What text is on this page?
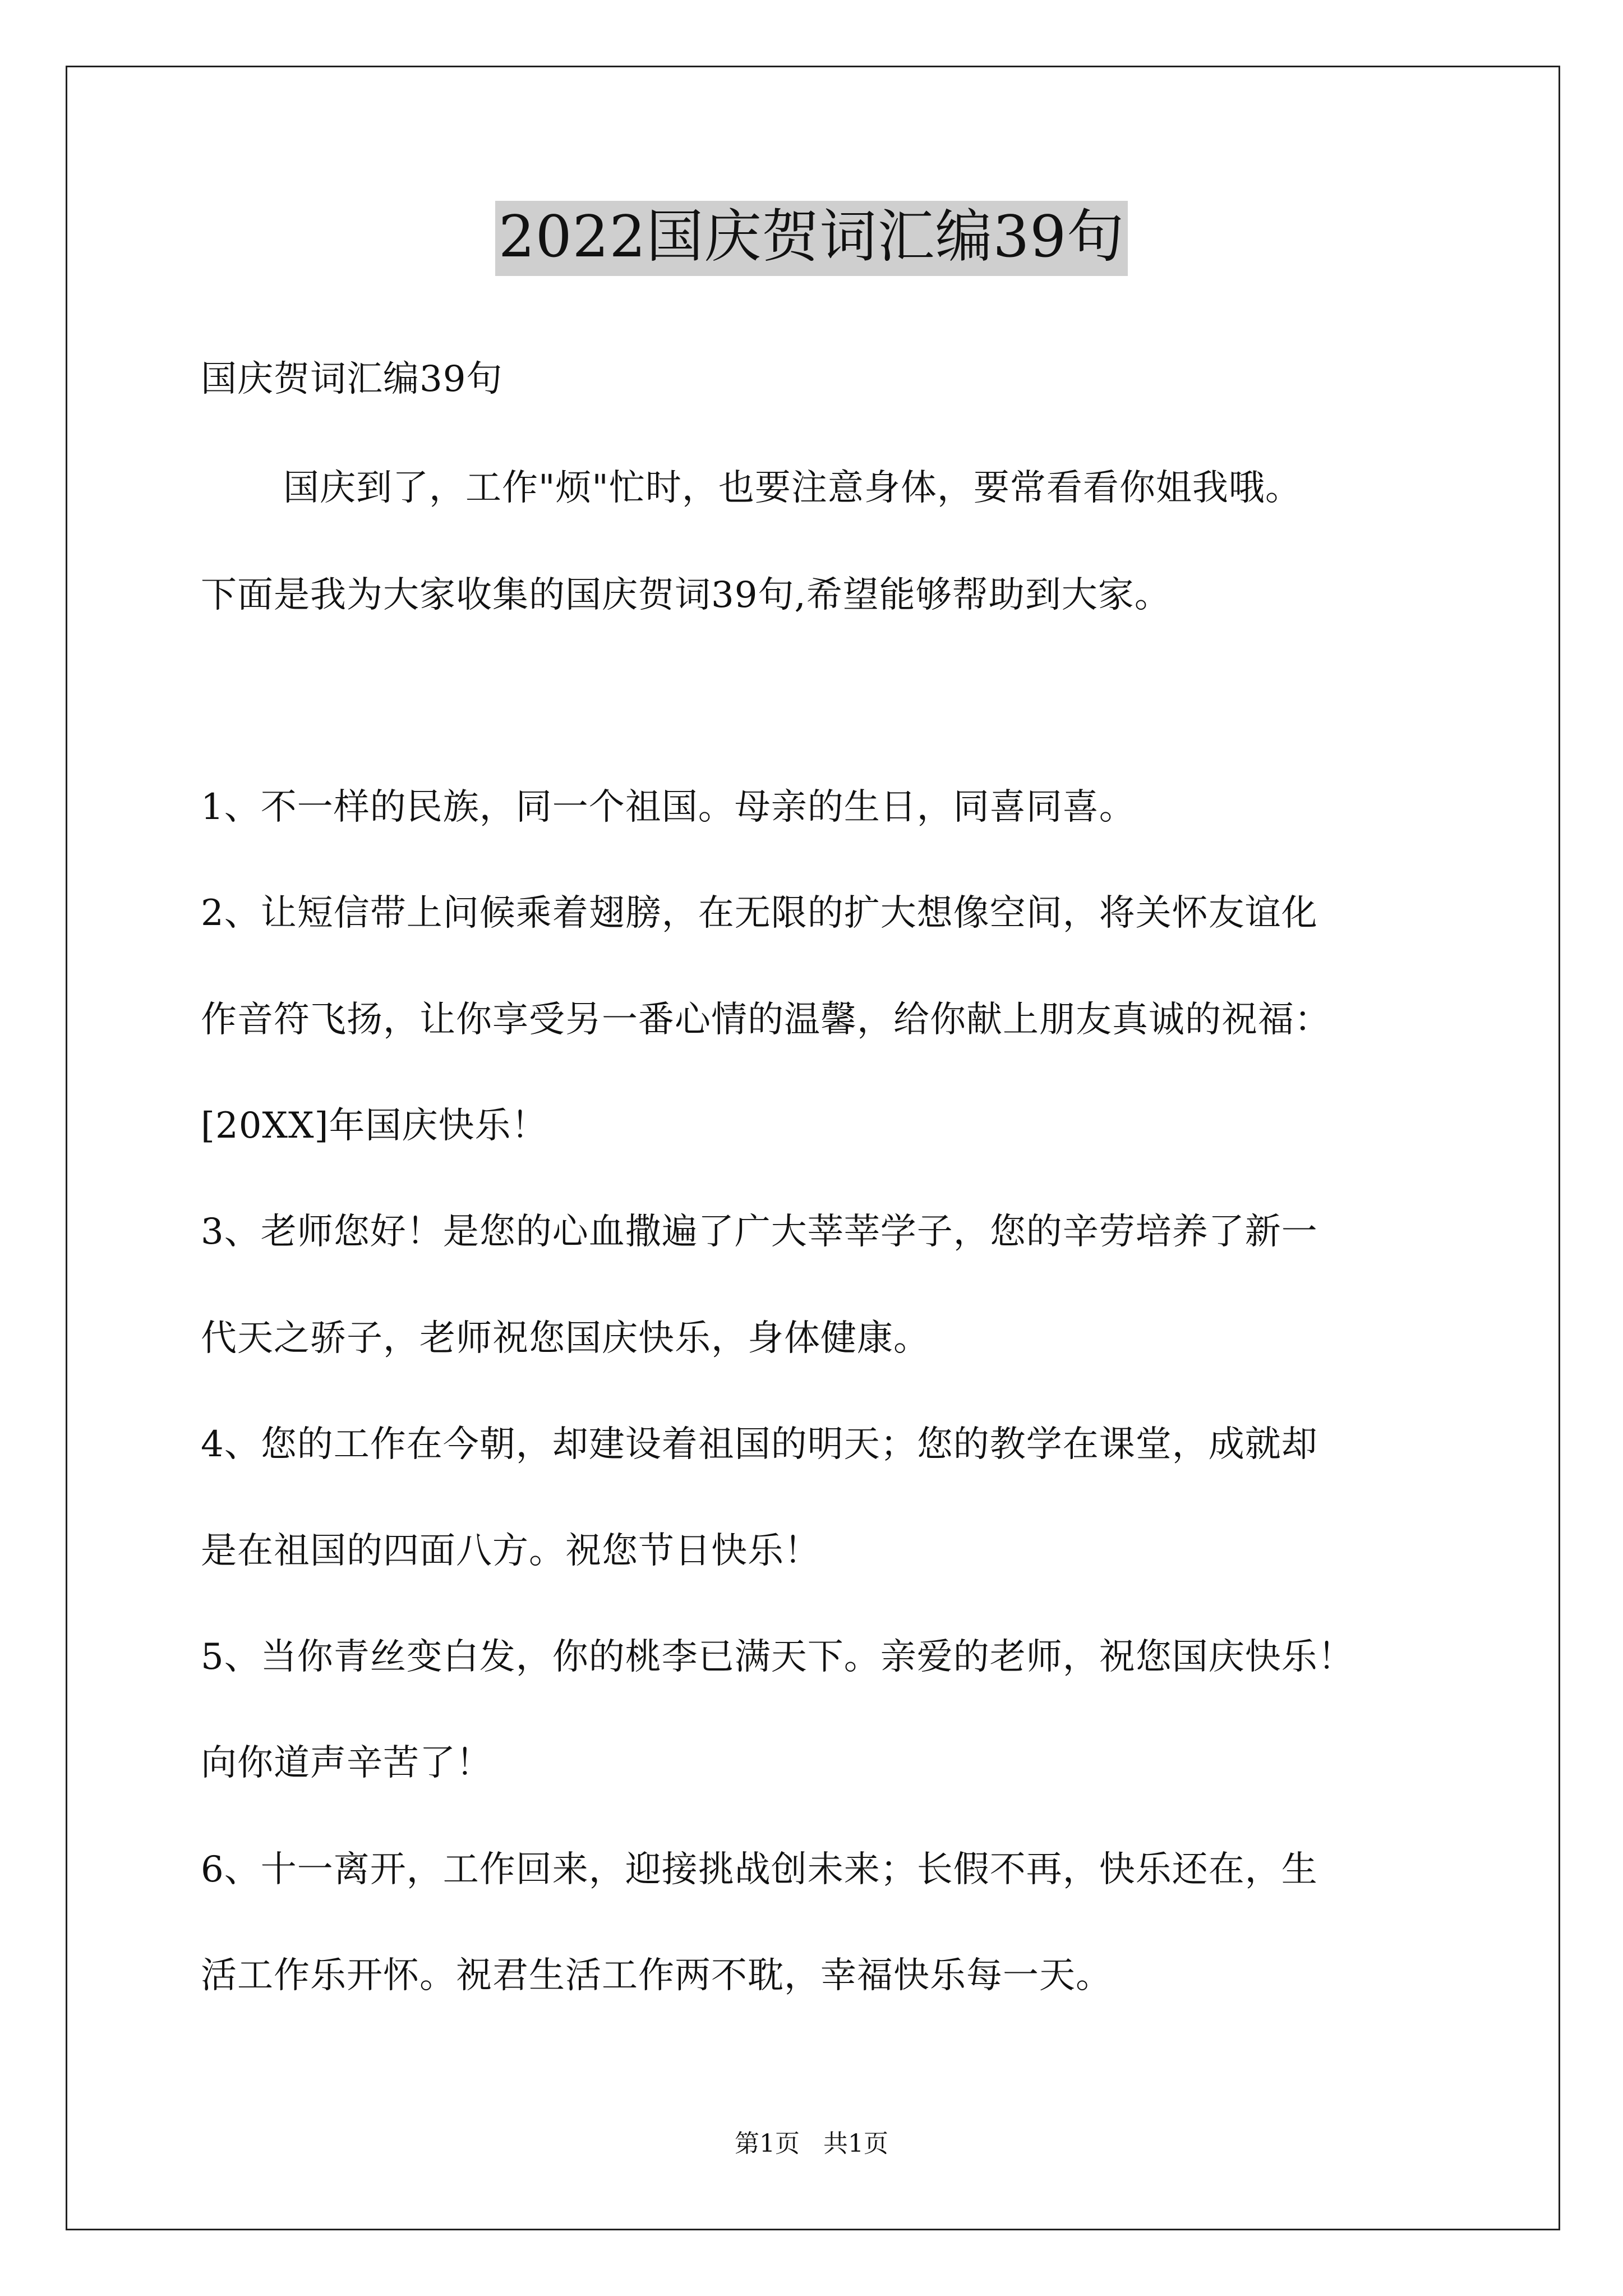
2022国庆贺词汇编39句
国庆贺词汇编39句
国庆到了，工作"烦"忙时，也要注意身体，要常看看你姐我哦。
下面是我为大家收集的国庆贺词39句,希望能够帮助到大家。
1、不一样的民族，同一个祖国。母亲的生日，同喜同喜。
2、让短信带上问候乘着翅膀，在无限的扩大想像空间，将关怀友谊化
作音符飞扬，让你享受另一番心情的温馨，给你献上朋友真诚的祝福：
[20XX]年国庆快乐！
3、老师您好！是您的心血撒遍了广大莘莘学子，您的辛劳培养了新一
代天之骄子，老师祝您国庆快乐，身体健康。
4、您的工作在今朝，却建设着祖国的明天；您的教学在课堂，成就却
是在祖国的四面八方。祝您节日快乐！
5、当你青丝变白发，你的桃李已满天下。亲爱的老师，祝您国庆快乐！
向你道声辛苦了！
6、十一离开，工作回来，迎接挑战创未来；长假不再，快乐还在，生
活工作乐开怀。祝君生活工作两不耽，幸福快乐每一天。
第1页   共1页
